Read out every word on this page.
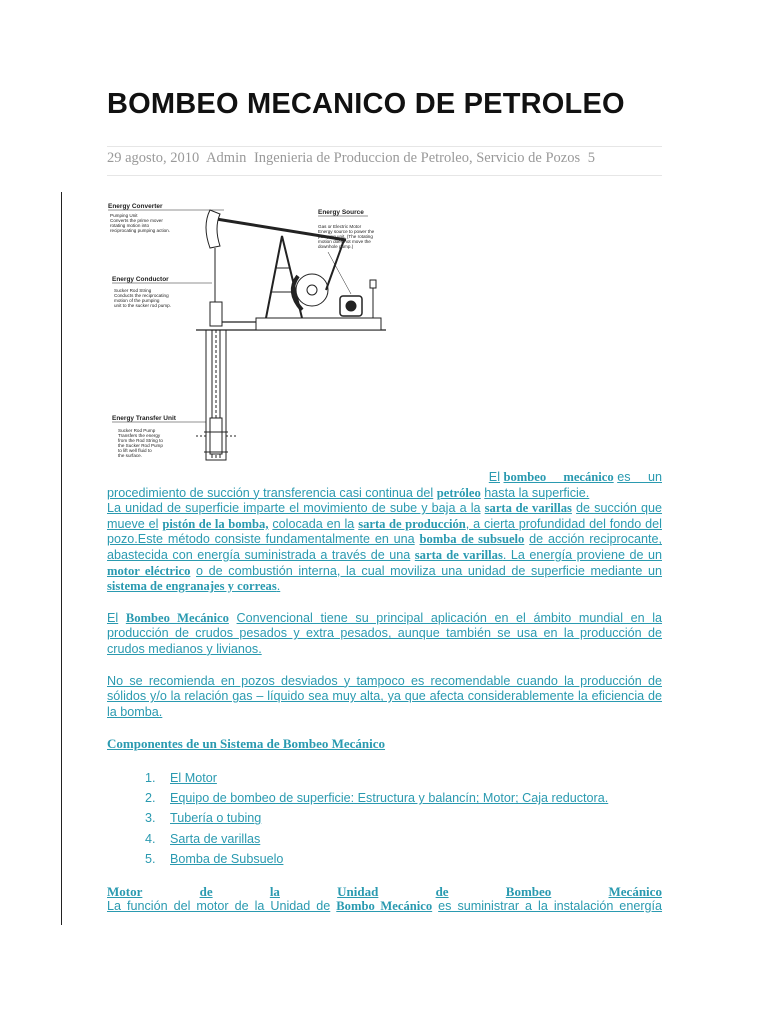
BOMBEO MECANICO DE PETROLEO
29 agosto, 2010 Admin Ingenieria de Produccion de Petroleo, Servicio de Pozos 5
Energy Converter
Pumping Unit Converts the prime mover rotating motion into reciprocating pumping action.
Energy Source
Gas or Electric Motor Energy source to power the pumping unit. (The rotating motion does not move the downhole pump.)
Energy Conductor
Sucker Rod String Conducts the reciprocating motion of the pumping unit to the sucker rod pump.
Energy Transfer Unit
Sucker Rod Pump Transfers the energy from the Rod String to the Sucker Rod Pump to lift well fluid to the surface.

El bombeo mecánico es un
procedimiento de succión y transferencia casi continua del petróleo hasta la superficie.
La unidad de superficie imparte el movimiento de sube y baja a la sarta de varillas de succión que mueve el pistón de la bomba, colocada en la sarta de producción, a cierta profundidad del fondo del pozo.Este método consiste fundamentalmente en una bomba de subsuelo de acción reciprocante, abastecida con energía suministrada a través de una sarta de varillas. La energía proviene de un motor eléctrico o de combustión interna, la cual moviliza una unidad de superficie mediante un sistema de engranajes y correas.

El Bombeo Mecánico Convencional tiene su principal aplicación en el ámbito mundial en la producción de crudos pesados y extra pesados, aunque también se usa en la producción de crudos medianos y livianos.

No se recomienda en pozos desviados y tampoco es recomendable cuando la producción de sólidos y/o la relación gas – líquido sea muy alta, ya que afecta considerablemente la eficiencia de la bomba.

Componentes de un Sistema de Bombeo Mecánico

1. El Motor
2. Equipo de bombeo de superficie: Estructura y balancín; Motor; Caja reductora.
3. Tubería o tubing
4. Sarta de varillas
5. Bomba de Subsuelo
Motor	de	la	Unidad	de	Bombeo	Mecánico

La función del motor de la Unidad de Bombo Mecánico es suministrar a la instalación energía
